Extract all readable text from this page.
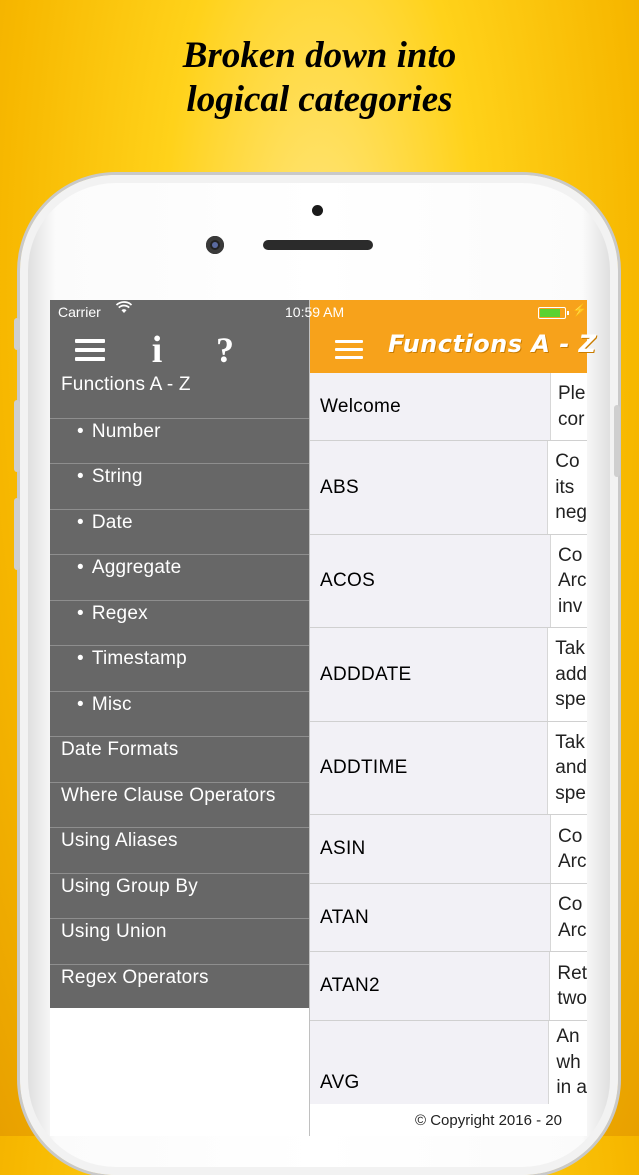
Broken down into
logical categories
Carrier
i ?
Functions A - Z
• Number
• String
• Date
• Aggregate
• Regex
• Timestamp
• Misc
Date Formats
Where Clause Operators
Using Aliases
Using Group By
Using Union
Regex Operators
10:59 AM	⚡
Functions A - Z
Welcome
Ple
cor
ABS
Co
its
neg
ACOS
Co
Arc
inv
ADDDATE
Tak
add
spe
ADDTIME
Tak
and
spe
ASIN
Co
Arc
ATAN
Co
Arc
ATAN2
Ret
two
AVG
An
wh
in a
© Copyright 2016 - 20
